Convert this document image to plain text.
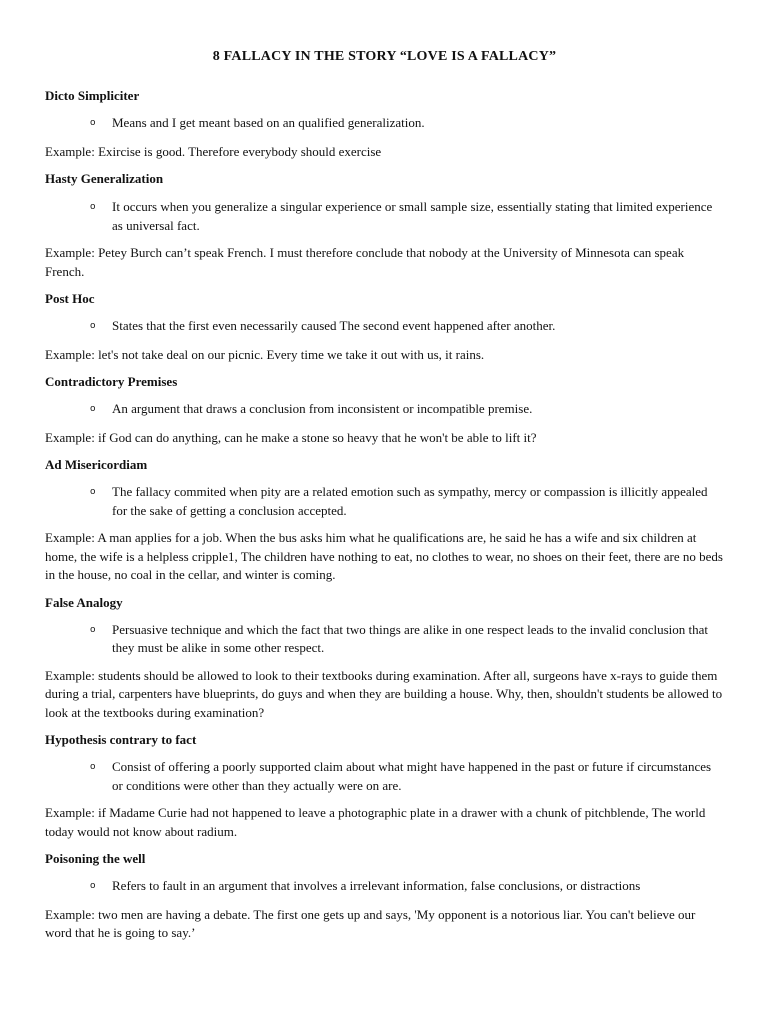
8 FALLACY IN THE STORY “LOVE IS A FALLACY”

Dicto Simpliciter

o Means and I get meant based on an qualified generalization.

Example: Exircise is good. Therefore everybody should exercise

Hasty Generalization

o It occurs when you generalize a singular experience or small sample size, essentially stating that limited experience as universal fact.

Example: Petey Burch can’t speak French. I must therefore conclude that nobody at the University of Minnesota can speak French.

Post Hoc

o States that the first even necessarily caused The second event happened after another.

Example: let's not take deal on our picnic. Every time we take it out with us, it rains.

Contradictory Premises

o An argument that draws a conclusion from inconsistent or incompatible premise.

Example: if God can do anything, can he make a stone so heavy that he won't be able to lift it?

Ad Misericordiam

o The fallacy commited when pity are a related emotion such as sympathy, mercy or compassion is illicitly appealed for the sake of getting a conclusion accepted.

Example: A man applies for a job. When the bus asks him what he qualifications are, he said he has a wife and six children at home, the wife is a helpless cripple1, The children have nothing to eat, no clothes to wear, no shoes on their feet, there are no beds in the house, no coal in the cellar, and winter is coming.

False Analogy

o Persuasive technique and which the fact that two things are alike in one respect leads to the invalid conclusion that they must be alike in some other respect.

Example: students should be allowed to look to their textbooks during examination. After all, surgeons have x-rays to guide them during a trial, carpenters have blueprints, do guys and when they are building a house. Why, then, shouldn't students be allowed to look at the textbooks during examination?

Hypothesis contrary to fact

o Consist of offering a poorly supported claim about what might have happened in the past or future if circumstances or conditions were other than they actually were on are.

Example: if Madame Curie had not happened to leave a photographic plate in a drawer with a chunk of pitchblende, The world today would not know about radium.

Poisoning the well

o Refers to fault in an argument that involves a irrelevant information, false conclusions, or distractions

Example: two men are having a debate. The first one gets up and says, 'My opponent is a notorious liar. You can't believe our word that he is going to say.’
